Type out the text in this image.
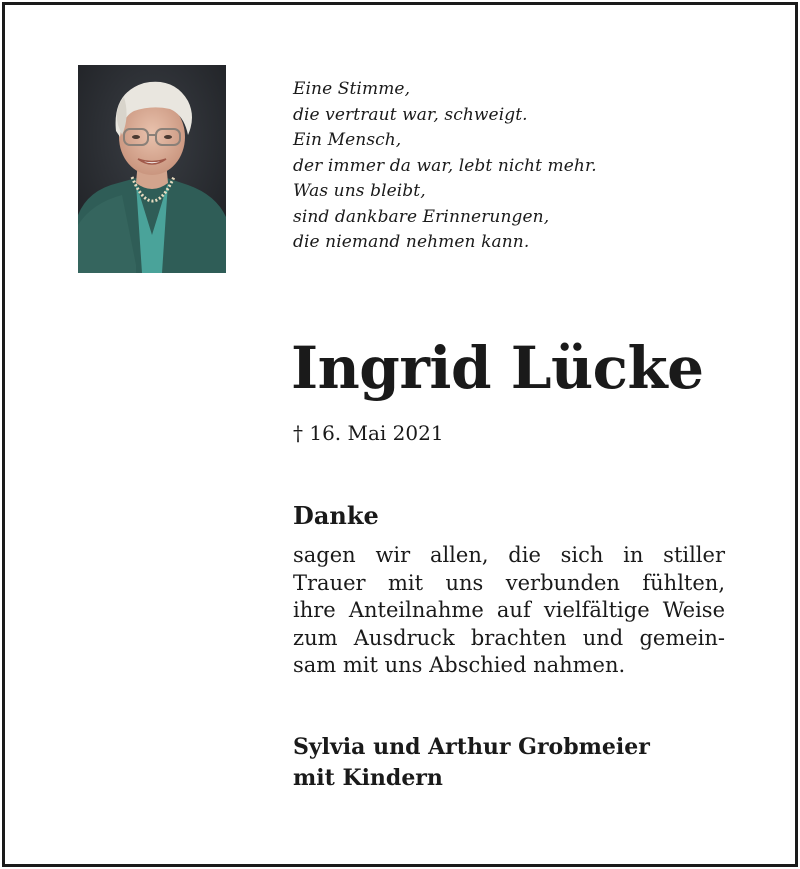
Eine Stimme,
die vertraut war, schweigt.
Ein Mensch,
der immer da war, lebt nicht mehr.
Was uns bleibt,
sind dankbare Erinnerungen,
die niemand nehmen kann.
Ingrid Lücke
† 16. Mai 2021
Danke
sagen wir allen, die sich in stiller
Trauer mit uns verbunden fühlten,
ihre Anteilnahme auf vielfältige Weise
zum Ausdruck brachten und gemein-
sam mit uns Abschied nahmen.
Sylvia und Arthur Grobmeier
mit Kindern
